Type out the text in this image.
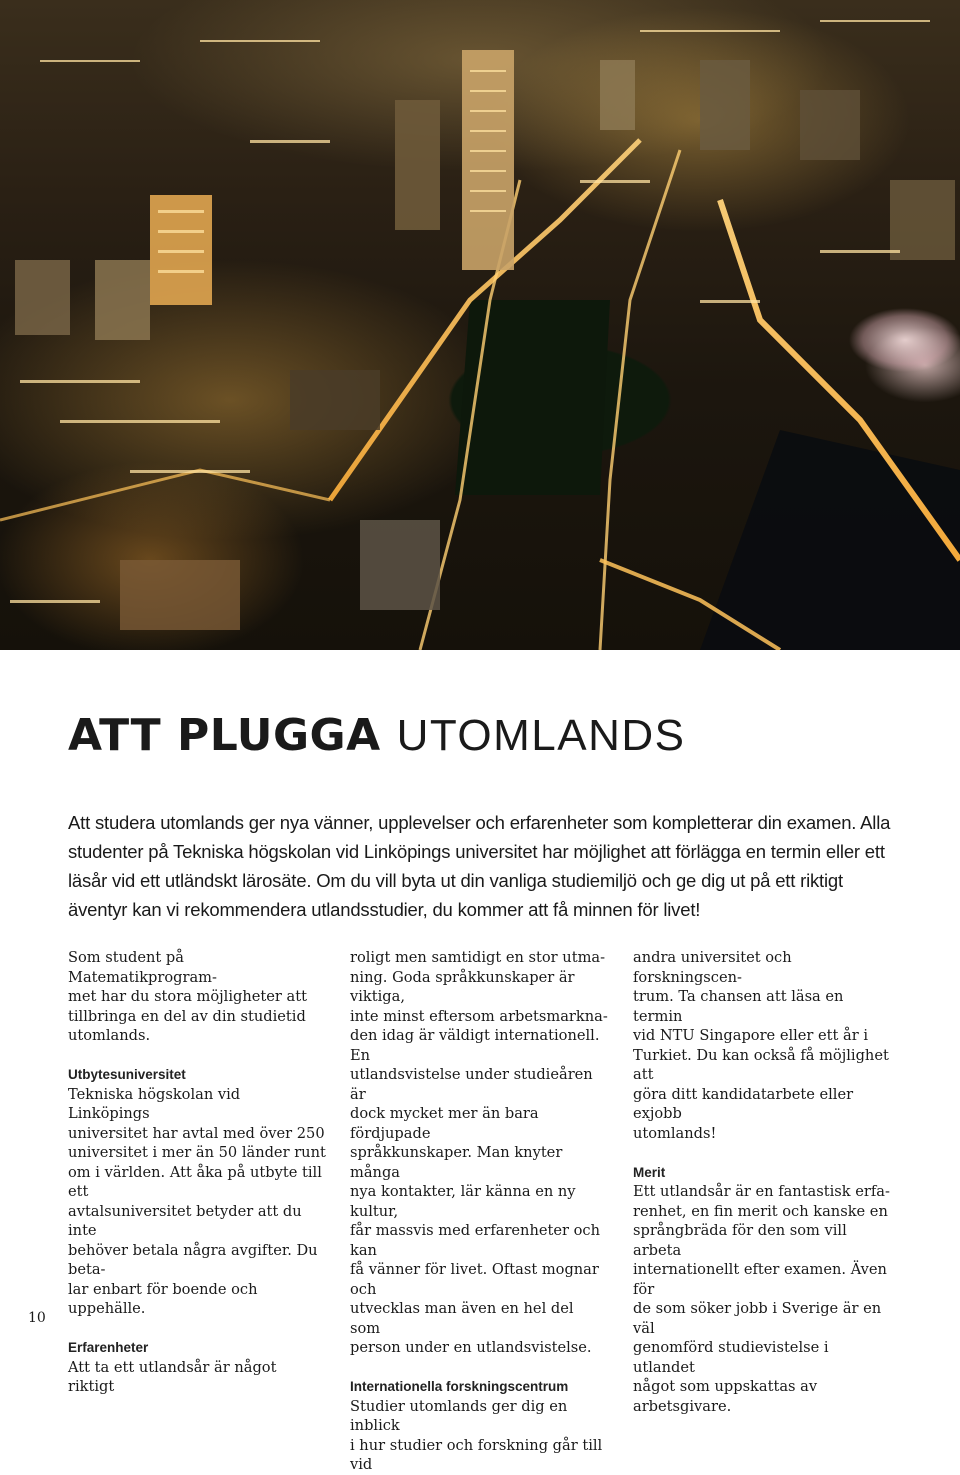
ATT PLUGGA UTOMLANDS

Att studera utomlands ger nya vänner, upplevelser och erfarenheter som kompletterar din examen. Alla studenter på Tekniska högskolan vid Linköpings universitet har möjlighet att förlägga en termin eller ett läsår vid ett utländskt lärosäte. Om du vill byta ut din vanliga studiemiljö och ge dig ut på ett riktigt äventyr kan vi rekommendera utlandsstudier, du kommer att få minnen för livet!

Som student på Matematikprogram-
met har du stora möjligheter att
tillbringa en del av din studietid
utomlands.

Utbytesuniversitet

Tekniska högskolan vid Linköpings
universitet har avtal med över 250
universitet i mer än 50 länder runt
om i världen. Att åka på utbyte till ett
avtalsuniversitet betyder att du inte
behöver betala några avgifter. Du beta-
lar enbart för boende och uppehälle.

Erfarenheter

Att ta ett utlandsår är något riktigt

roligt men samtidigt en stor utma-
ning. Goda språkkunskaper är viktiga,
inte minst eftersom arbetsmarkna-
den idag är väldigt internationell. En
utlandsvistelse under studieåren är
dock mycket mer än bara fördjupade
språkkunskaper. Man knyter många
nya kontakter, lär känna en ny kultur,
får massvis med erfarenheter och kan
få vänner för livet. Oftast mognar och
utvecklas man även en hel del som
person under en utlandsvistelse.

Internationella forskningscentrum

Studier utomlands ger dig en inblick
i hur studier och forskning går till vid

andra universitet och forskningscen-
trum. Ta chansen att läsa en termin
vid NTU Singapore eller ett år i
Turkiet. Du kan också få möjlighet att
göra ditt kandidatarbete eller exjobb
utomlands!

Merit

Ett utlandsår är en fantastisk erfa-
renhet, en fin merit och kanske en
språngbräda för den som vill arbeta
internationellt efter examen. Även för
de som söker jobb i Sverige är en väl
genomförd studievistelse i utlandet
något som uppskattas av arbetsgivare.

10
